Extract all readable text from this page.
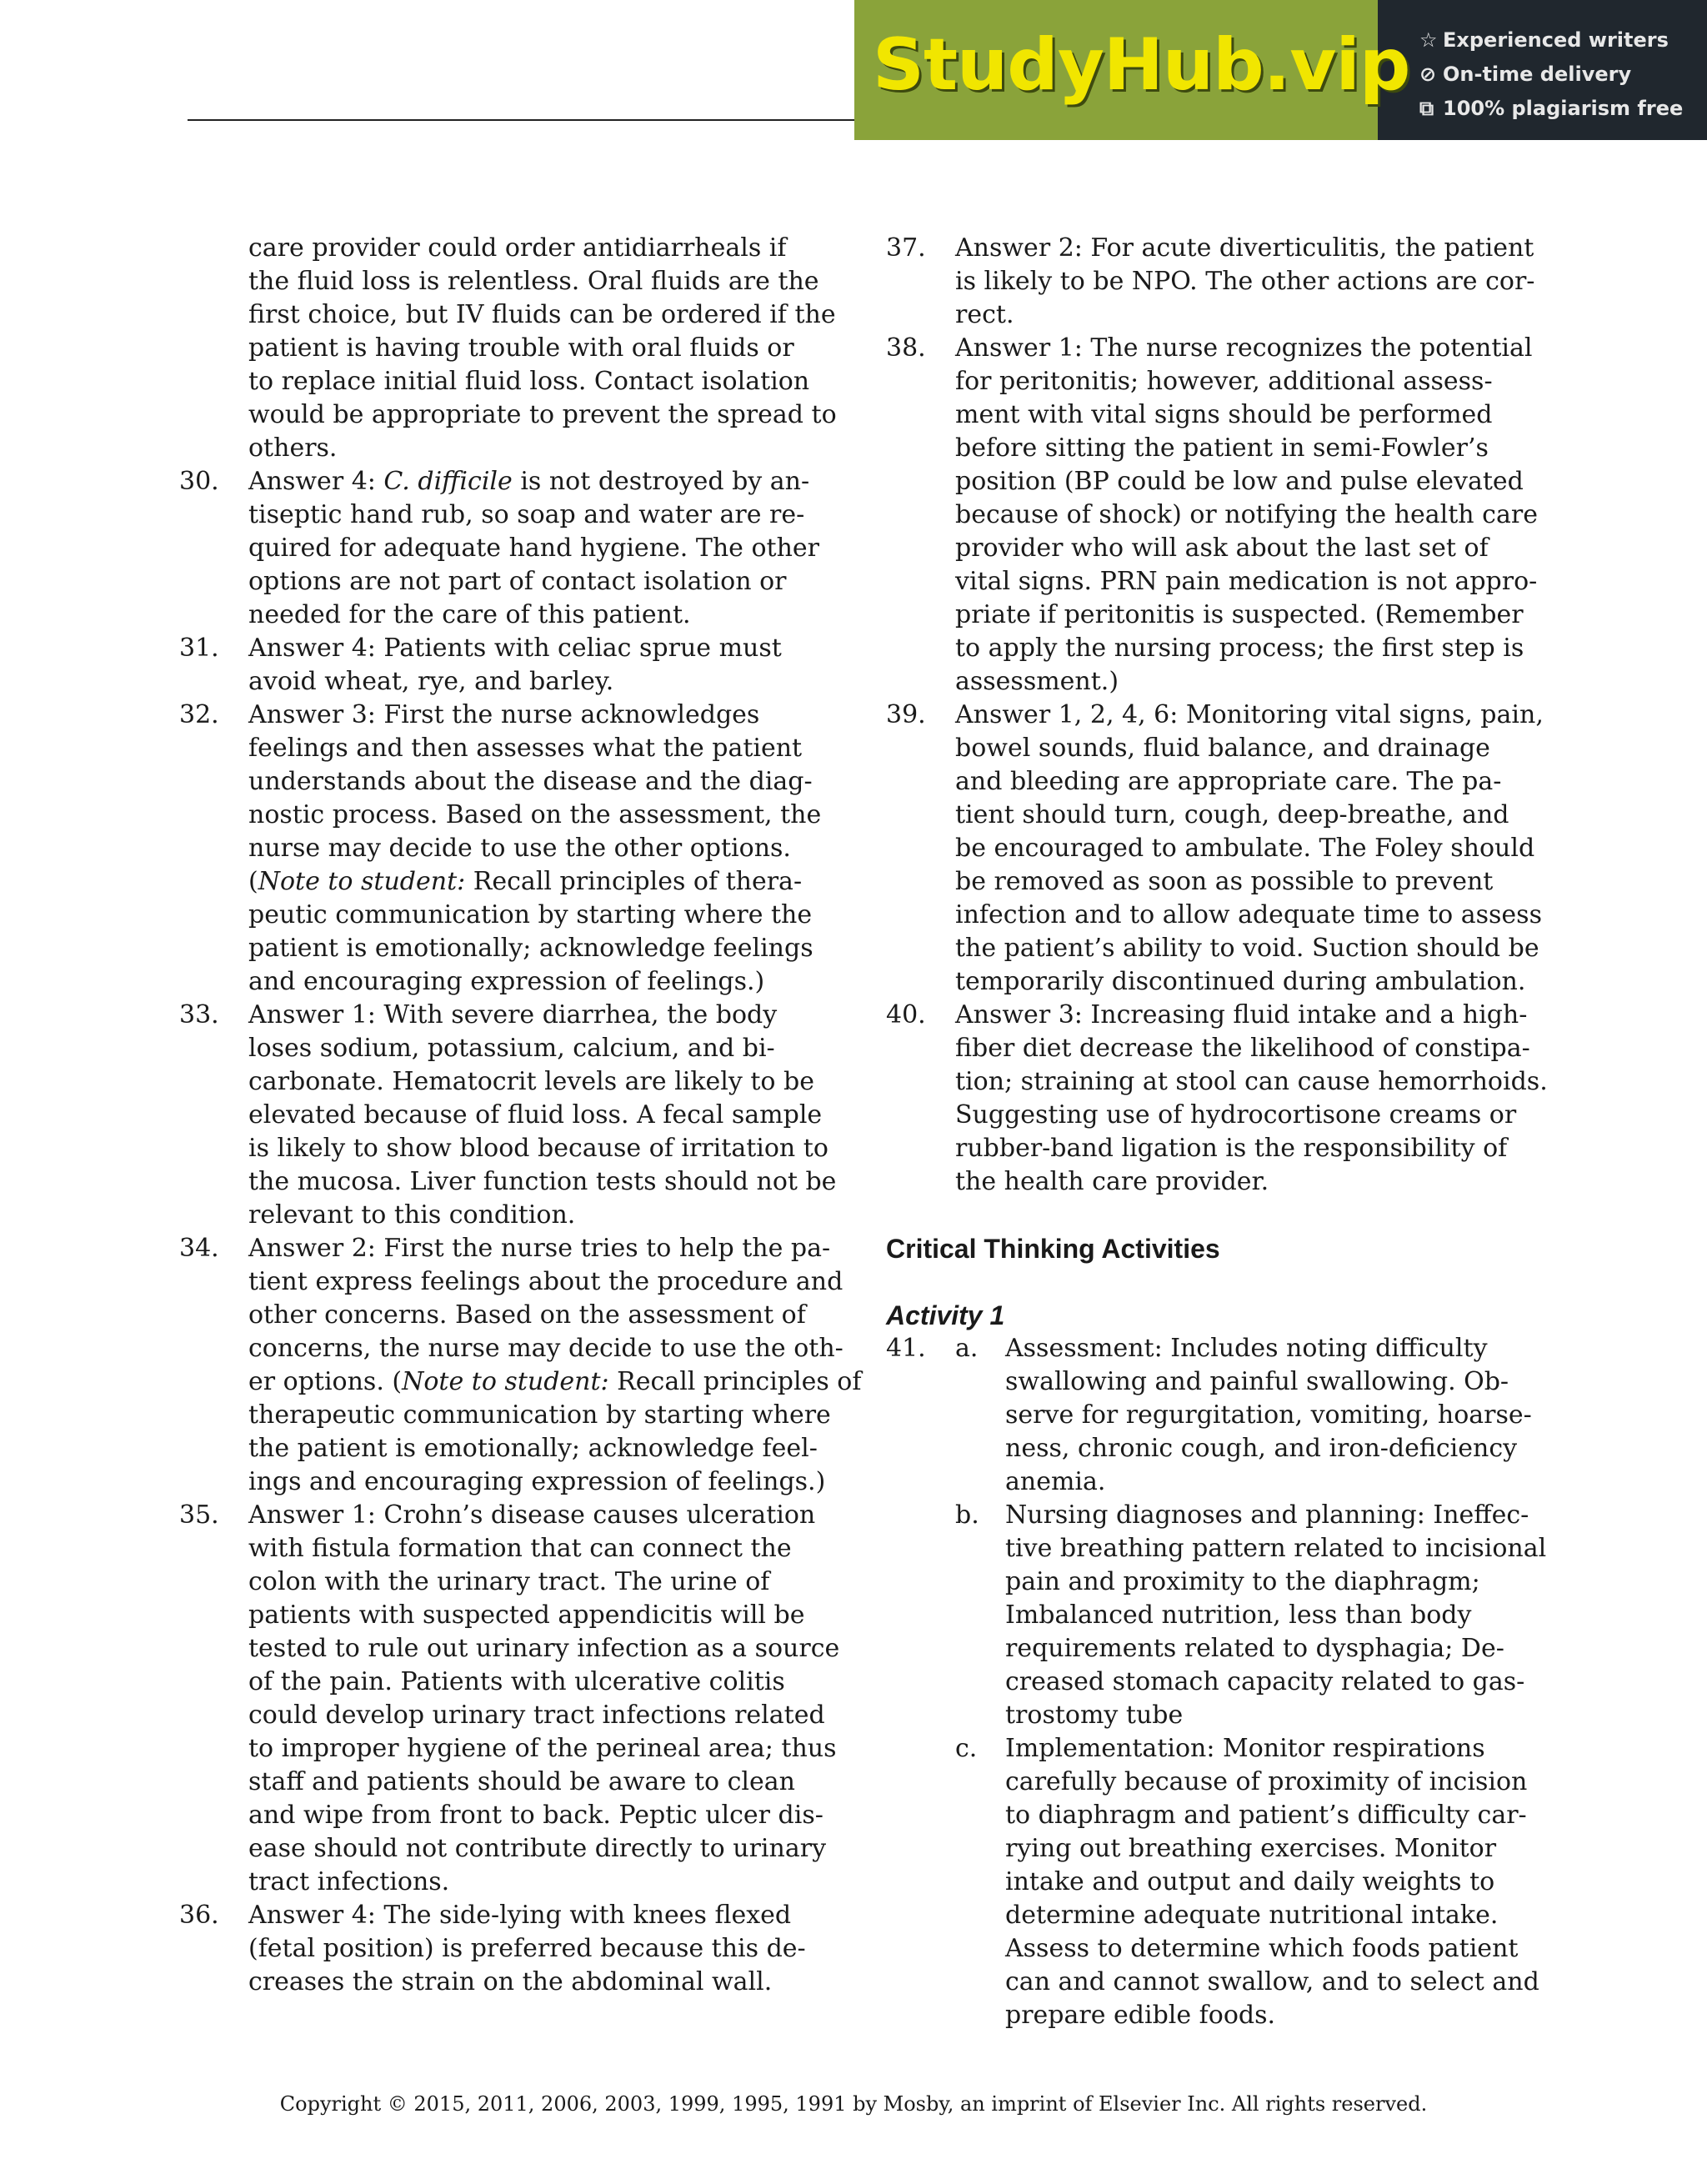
StudyHub.vip ☆ Experienced writers
⊘ On-time delivery
⧉ 100% plagiarism free
care provider could order antidiarrheals if
the fluid loss is relentless. Oral fluids are the
first choice, but IV fluids can be ordered if the
patient is having trouble with oral fluids or
to replace initial fluid loss. Contact isolation
would be appropriate to prevent the spread to
others.
30.	Answer 4: C. difficile is not destroyed by an-
tiseptic hand rub, so soap and water are re-
quired for adequate hand hygiene. The other
options are not part of contact isolation or
needed for the care of this patient.
31.	Answer 4: Patients with celiac sprue must
avoid wheat, rye, and barley.
32.	Answer 3: First the nurse acknowledges
feelings and then assesses what the patient
understands about the disease and the diag-
nostic process. Based on the assessment, the
nurse may decide to use the other options.
(Note to student: Recall principles of thera-
peutic communication by starting where the
patient is emotionally; acknowledge feelings
and encouraging expression of feelings.)
33.	Answer 1: With severe diarrhea, the body
loses sodium, potassium, calcium, and bi-
carbonate. Hematocrit levels are likely to be
elevated because of fluid loss. A fecal sample
is likely to show blood because of irritation to
the mucosa. Liver function tests should not be
relevant to this condition.
34.	Answer 2: First the nurse tries to help the pa-
tient express feelings about the procedure and
other concerns. Based on the assessment of
concerns, the nurse may decide to use the oth-
er options. (Note to student: Recall principles of
therapeutic communication by starting where
the patient is emotionally; acknowledge feel-
ings and encouraging expression of feelings.)
35.	Answer 1: Crohn’s disease causes ulceration
with fistula formation that can connect the
colon with the urinary tract. The urine of
patients with suspected appendicitis will be
tested to rule out urinary infection as a source
of the pain. Patients with ulcerative colitis
could develop urinary tract infections related
to improper hygiene of the perineal area; thus
staff and patients should be aware to clean
and wipe from front to back. Peptic ulcer dis-
ease should not contribute directly to urinary
tract infections.
36.	Answer 4: The side-lying with knees flexed
(fetal position) is preferred because this de-
creases the strain on the abdominal wall.
37.	Answer 2: For acute diverticulitis, the patient
is likely to be NPO. The other actions are cor-
rect.
38.	Answer 1: The nurse recognizes the potential
for peritonitis; however, additional assess-
ment with vital signs should be performed
before sitting the patient in semi-Fowler’s
position (BP could be low and pulse elevated
because of shock) or notifying the health care
provider who will ask about the last set of
vital signs. PRN pain medication is not appro-
priate if peritonitis is suspected. (Remember
to apply the nursing process; the first step is
assessment.)
39.	Answer 1, 2, 4, 6: Monitoring vital signs, pain,
bowel sounds, fluid balance, and drainage
and bleeding are appropriate care. The pa-
tient should turn, cough, deep-breathe, and
be encouraged to ambulate. The Foley should
be removed as soon as possible to prevent
infection and to allow adequate time to assess
the patient’s ability to void. Suction should be
temporarily discontinued during ambulation.
40.	Answer 3: Increasing fluid intake and a high-
fiber diet decrease the likelihood of constipa-
tion; straining at stool can cause hemorrhoids.
Suggesting use of hydrocortisone creams or
rubber-band ligation is the responsibility of
the health care provider.
Critical Thinking Activities
Activity 1
41.	a.	Assessment: Includes noting difficulty
swallowing and painful swallowing. Ob-
serve for regurgitation, vomiting, hoarse-
ness, chronic cough, and iron-deficiency
anemia.
b.	Nursing diagnoses and planning: Ineffec-
tive breathing pattern related to incisional
pain and proximity to the diaphragm;
Imbalanced nutrition, less than body
requirements related to dysphagia; De-
creased stomach capacity related to gas-
trostomy tube
c.	Implementation: Monitor respirations
carefully because of proximity of incision
to diaphragm and patient’s difficulty car-
rying out breathing exercises. Monitor
intake and output and daily weights to
determine adequate nutritional intake.
Assess to determine which foods patient
can and cannot swallow, and to select and
prepare edible foods.
Copyright © 2015, 2011, 2006, 2003, 1999, 1995, 1991 by Mosby, an imprint of Elsevier Inc. All rights reserved.
